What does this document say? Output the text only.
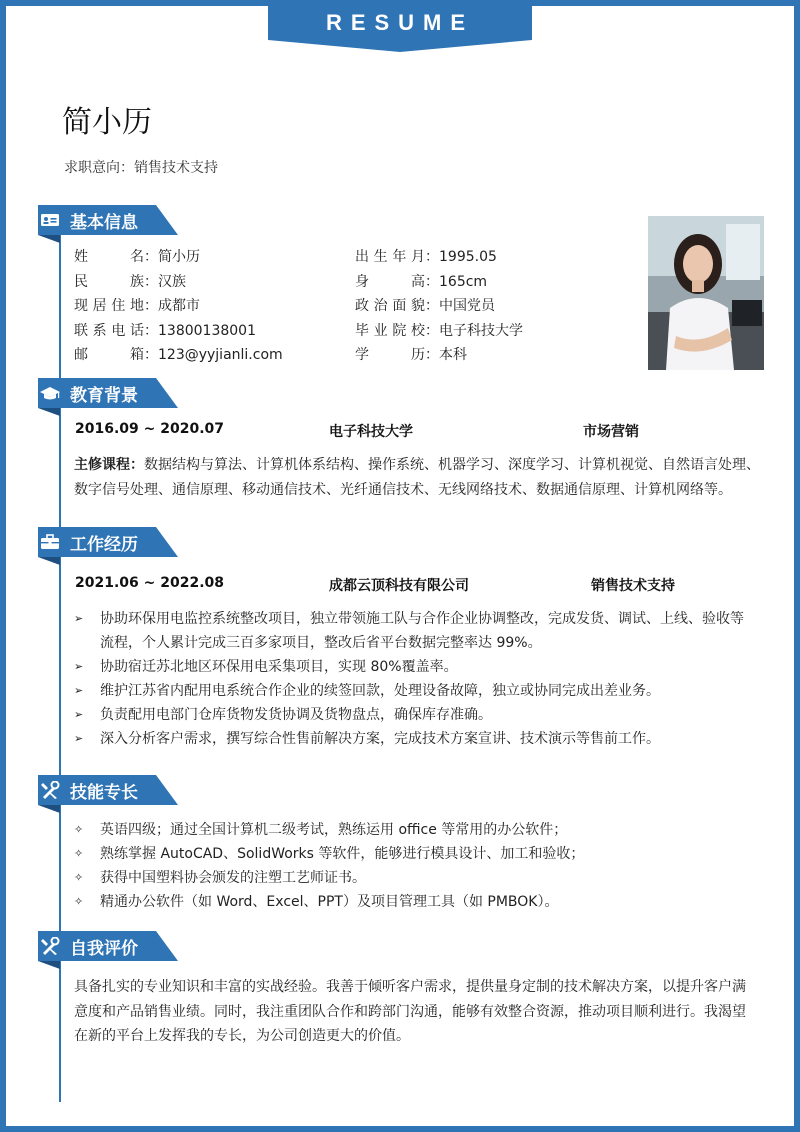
RESUME
简小历
求职意向：销售技术支持
基本信息
姓名：简小历
民族：汉族
现居住地：成都市
联系电话：13800138001
邮箱：123@yyjianli.com
出生年月：1995.05
身高：165cm
政治面貌：中国党员
毕业院校：电子科技大学
学历：本科
教育背景
2016.09 ~ 2020.07	电子科技大学	市场营销
主修课程：数据结构与算法、计算机体系结构、操作系统、机器学习、深度学习、计算机视觉、自然语言处理、
数字信号处理、通信原理、移动通信技术、光纤通信技术、无线网络技术、数据通信原理、计算机网络等。
工作经历
2021.06 ~ 2022.08	成都云顶科技有限公司	销售技术支持
➢ 协助环保用电监控系统整改项目，独立带领施工队与合作企业协调整改，完成发货、调试、上线、验收等
流程，个人累计完成三百多家项目，整改后省平台数据完整率达 99%。
➢ 协助宿迁苏北地区环保用电采集项目，实现 80%覆盖率。
➢ 维护江苏省内配用电系统合作企业的续签回款，处理设备故障，独立或协同完成出差业务。
➢ 负责配用电部门仓库货物发货协调及货物盘点，确保库存准确。
➢ 深入分析客户需求，撰写综合性售前解决方案，完成技术方案宣讲、技术演示等售前工作。
技能专长
✧ 英语四级；通过全国计算机二级考试，熟练运用 office 等常用的办公软件；
✧ 熟练掌握 AutoCAD、SolidWorks 等软件，能够进行模具设计、加工和验收；
✧ 获得中国塑料协会颁发的注塑工艺师证书。
✧ 精通办公软件（如 Word、Excel、PPT）及项目管理工具（如 PMBOK）。
自我评价
具备扎实的专业知识和丰富的实战经验。我善于倾听客户需求，提供量身定制的技术解决方案，以提升客户满
意度和产品销售业绩。同时，我注重团队合作和跨部门沟通，能够有效整合资源，推动项目顺利进行。我渴望
在新的平台上发挥我的专长，为公司创造更大的价值。
